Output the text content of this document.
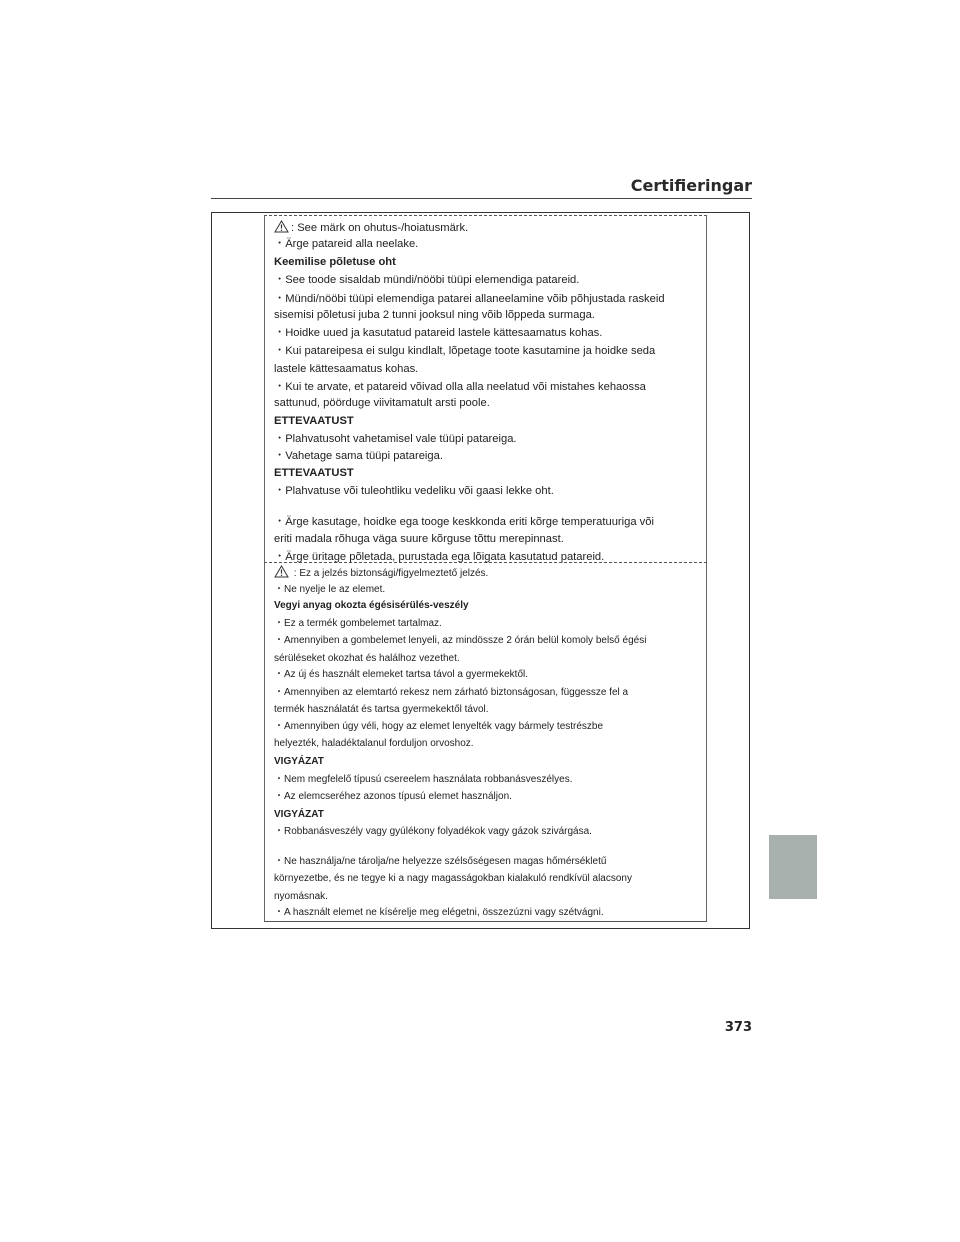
Certifieringar
: See märk on ohutus-/hoiatusmärk.
・Ärge patareid alla neelake.
Keemilise põletuse oht
・See toode sisaldab mündi/nööbi tüüpi elemendiga patareid.
・Mündi/nööbi tüüpi elemendiga patarei allaneelamine võib põhjustada raskeid
sisemisi põletusi juba 2 tunni jooksul ning võib lõppeda surmaga.
・Hoidke uued ja kasutatud patareid lastele kättesaamatus kohas.
・Kui patareipesa ei sulgu kindlalt, lõpetage toote kasutamine ja hoidke seda
lastele kättesaamatus kohas.
・Kui te arvate, et patareid võivad olla alla neelatud või mistahes kehaossa
sattunud, pöörduge viivitamatult arsti poole.
ETTEVAATUST
・Plahvatusoht vahetamisel vale tüüpi patareiga.
・Vahetage sama tüüpi patareiga.
ETTEVAATUST
・Plahvatuse või tuleohtliku vedeliku või gaasi lekke oht.
・Ärge kasutage, hoidke ega tooge keskkonda eriti kõrge temperatuuriga või
eriti madala rõhuga väga suure kõrguse tõttu merepinnast.
・Ärge üritage põletada, purustada ega lõigata kasutatud patareid.
: Ez a jelzés biztonsági/figyelmeztető jelzés.
・Ne nyelje le az elemet.
Vegyi anyag okozta égésisérülés-veszély
・Ez a termék gombelemet tartalmaz.
・Amennyiben a gombelemet lenyeli, az mindössze 2 órán belül komoly belső égési
sérüléseket okozhat és halálhoz vezethet.
・Az új és használt elemeket tartsa távol a gyermekektől.
・Amennyiben az elemtartó rekesz nem zárható biztonságosan, függessze fel a
termék használatát és tartsa gyermekektől távol.
・Amennyiben úgy véli, hogy az elemet lenyelték vagy bármely testrészbe
helyezték, haladéktalanul forduljon orvoshoz.
VIGYÁZAT
・Nem megfelelő típusú csereelem használata robbanásveszélyes.
・Az elemcseréhez azonos típusú elemet használjon.
VIGYÁZAT
・Robbanásveszély vagy gyúlékony folyadékok vagy gázok szivárgása.
・Ne használja/ne tárolja/ne helyezze szélsőségesen magas hőmérsékletű
környezetbe, és ne tegye ki a nagy magasságokban kialakuló rendkívül alacsony
nyomásnak.
・A használt elemet ne kísérelje meg elégetni, összezúzni vagy szétvágni.
373
